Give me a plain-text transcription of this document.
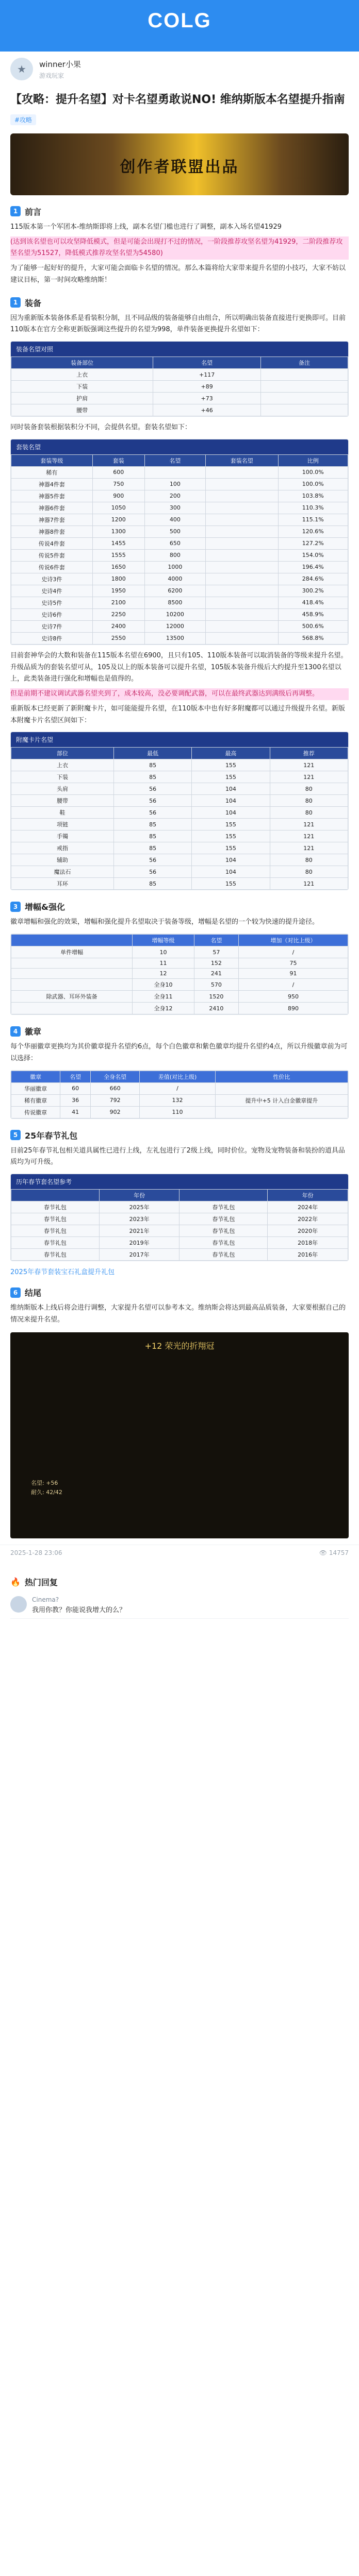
COLG
★	winner小果
游戏玩家
【攻略：提升名望】对卡名望勇敢说NO! 维纳斯版本名望提升指南
#攻略
创作者联盟出品
1 前言

115版本第一个军团本-维纳斯即将上线，副本名望门槛也进行了调整，副本入场名望41929

(达到该名望也可以攻坚降低模式，但是可能会出现打不过的情况，一阶段推荐攻坚名望为41929，二阶段推荐攻坚名望为51527，降低模式推荐攻坚名望为54580)

为了能够一起好好的提升，大家可能会面临卡名望的情况。那么本篇将给大家带来提升名望的小技巧，大家不妨以建议目标，第一时间攻略维纳斯！

1 装备

因为重新版本装备体系是看装积分制，且不同品级的装备能够自由组合，所以明确出装备直接进行更换即可。目前110版本在官方全称更新版强调这些提升的名望为998，单件装备更换提升名望如下：

装备名望对照
装备部位	名望	备注
上衣	+117	
下装	+89	
护肩	+73	
腰带	+46	

同时装备套装根据装积分不同，会提供名望。套装名望如下：

套装名望
套装等级	套装	名望	套装名望	比例
稀有	600			100.0%
神器4件套	750	100		100.0%
神器5件套	900	200		103.8%
神器6件套	1050	300		110.3%
神器7件套	1200	400		115.1%
神器8件套	1300	500		120.6%
传说4件套	1455	650		127.2%
传说5件套	1555	800		154.0%
传说6件套	1650	1000		196.4%
史诗3件	1800	4000		284.6%
史诗4件	1950	6200		300.2%
史诗5件	2100	8500		418.4%
史诗6件	2250	10200		458.9%
史诗7件	2400	12000		500.6%
史诗8件	2550	13500		568.8%

目前套神华会的大数和装备在115版本名望在6900，且只有105、110版本装备可以取消装备的等级来提升名望。升级品质为的套装名望可从，105及以上的版本装备可以提升名望，105版本装备升级后大约提升至1300名望以上，此类装备进行强化和增幅也是值得的。

但是前期不建议调试武器名望夹到了，成本较高，没必要调配武器，可以在最终武器达到满级后再调整。

重新版本已经更新了新附魔卡片，如可能能提升名望，在110版本中也有好多附魔都可以通过升级提升名望。新版本附魔卡片名望区间如下：

附魔卡片名望
部位	最低	最高	推荐
上衣	85	155	121
下装	85	155	121
头肩	56	104	80
腰带	56	104	80
鞋	56	104	80
项链	85	155	121
手镯	85	155	121
戒指	85	155	121
辅助	56	104	80
魔法石	56	104	80
耳环	85	155	121
3 增幅&强化

徽章增幅和强化的效果，增幅和强化提升名望取决于装备等级，增幅是名望的一个较为快速的提升途径。

	增幅等级	名望	增加（对比上级）
单件增幅	10	57	/
	11	152	75
	12	241	91
	全身10	570	/
除武器、耳环外装备	全身11	1520	950
	全身12	2410	890
4 徽章

每个华丽徽章更换均为其价徽章提升名望约6点，每个白色徽章和紫色徽章均提升名望约4点，所以升级徽章前为可以选择：

徽章	名望	全身名望	差值(对比上级)	性价比
华丽徽章	60	660	/	
稀有徽章	36	792	132	提升中+5 计入白金徽章提升
传说徽章	41	902	110	
5 25年春节礼包

目前25年春节礼包相关道具属性已进行上线，左礼包进行了2级上线，同时价位。宠物及宠物装备和装扮的道具品质均为可升级。

历年春节套名望参考
	年份		年份
春节礼包	2025年	春节礼包	2024年
春节礼包	2023年	春节礼包	2022年
春节礼包	2021年	春节礼包	2020年
春节礼包	2019年	春节礼包	2018年
春节礼包	2017年	春节礼包	2016年
2025年春节套装宝石礼盒提升礼包
6 结尾

维纳斯版本上线后将会进行调整，大家提升名望可以参考本文。维纳斯会将达到最高品质装备，大家要根据自己的情况来提升名望。

+12 荣光的折翔冠
名望: +56
耐久: 42/42
2025-1-28 23:06	👁 14757
🔥 热门回复
Cinema?
我用你教？你能说我增大的么？
